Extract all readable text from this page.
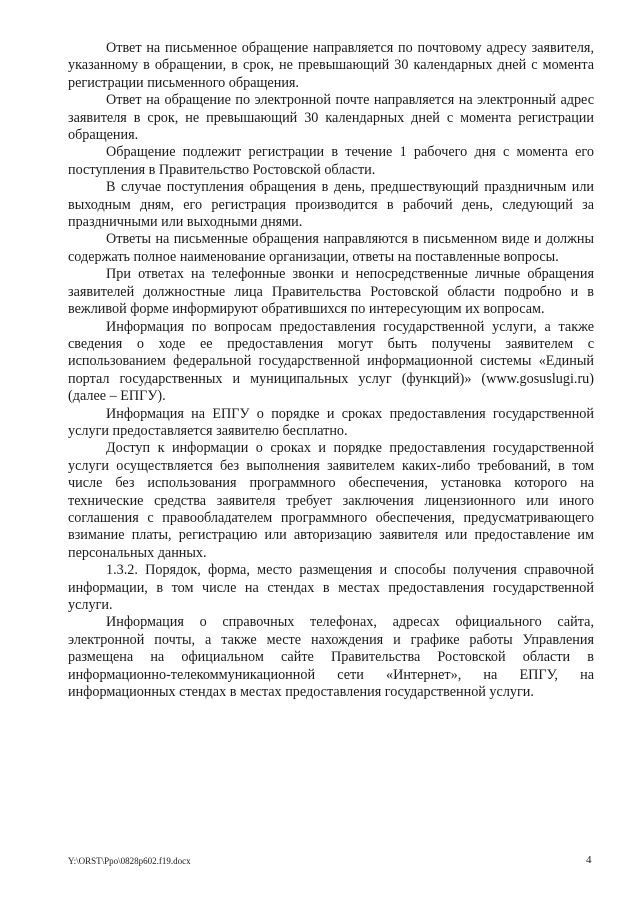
Ответ на письменное обращение направляется по почтовому адресу заявителя, указанному в обращении, в срок, не превышающий 30 календарных дней с момента регистрации письменного обращения.

Ответ на обращение по электронной почте направляется на электронный адрес заявителя в срок, не превышающий 30 календарных дней с момента регистрации обращения.

Обращение подлежит регистрации в течение 1 рабочего дня с момента его поступления в Правительство Ростовской области.

В случае поступления обращения в день, предшествующий праздничным или выходным дням, его регистрация производится в рабочий день, следующий за праздничными или выходными днями.

Ответы на письменные обращения направляются в письменном виде и должны содержать полное наименование организации, ответы на поставленные вопросы.

При ответах на телефонные звонки и непосредственные личные обращения заявителей должностные лица Правительства Ростовской области подробно и в вежливой форме информируют обратившихся по интересующим их вопросам.

Информация по вопросам предоставления государственной услуги, а также сведения о ходе ее предоставления могут быть получены заявителем с использованием федеральной государственной информационной системы «Единый портал государственных и муниципальных услуг (функций)» (www.gosuslugi.ru) (далее – ЕПГУ).

Информация на ЕПГУ о порядке и сроках предоставления государственной услуги предоставляется заявителю бесплатно.

Доступ к информации о сроках и порядке предоставления государственной услуги осуществляется без выполнения заявителем каких-либо требований, в том числе без использования программного обеспечения, установка которого на технические средства заявителя требует заключения лицензионного или иного соглашения с правообладателем программного обеспечения, предусматривающего взимание платы, регистрацию или авторизацию заявителя или предоставление им персональных данных.

1.3.2. Порядок, форма, место размещения и способы получения справочной информации, в том числе на стендах в местах предоставления государственной услуги.

Информация о справочных телефонах, адресах официального сайта, электронной почты, а также месте нахождения и графике работы Управления размещена на официальном сайте Правительства Ростовской области в информационно-телекоммуникационной сети «Интернет», на ЕПГУ, на информационных стендах в местах предоставления государственной услуги.

Y:\ORST\Ppo\0828p602.f19.docx	4
